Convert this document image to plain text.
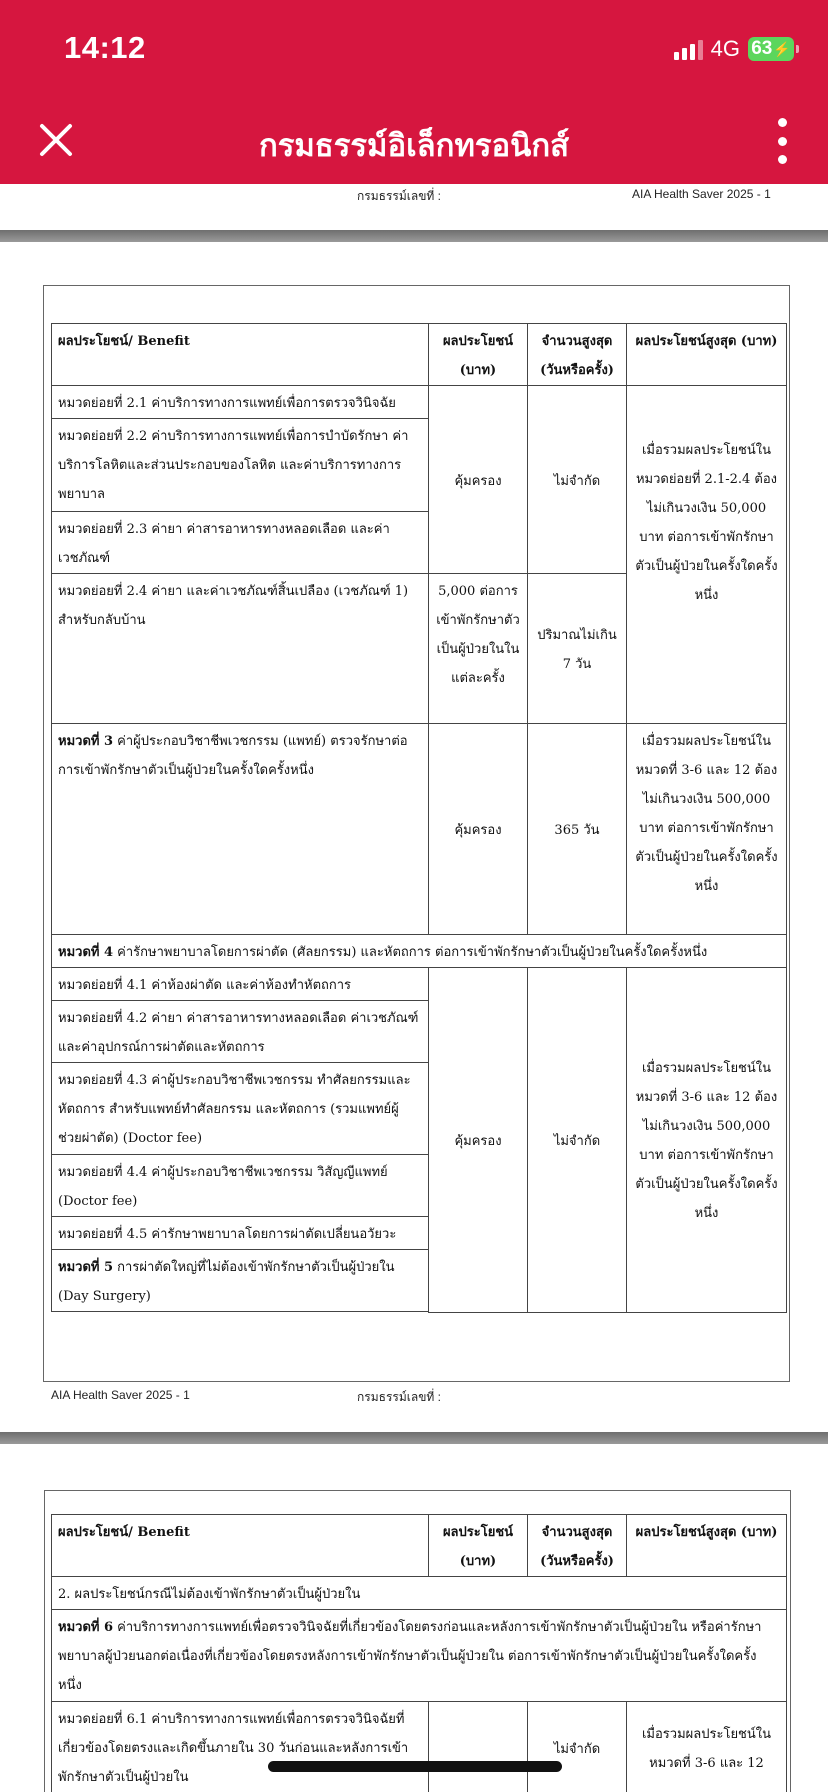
14:12	4G 63 ⚡
กรมธรรม์อิเล็กทรอนิกส์
กรมธรรม์เลขที่ :	AIA Health Saver 2025 - 1
ผลประโยชน์/ Benefit	ผลประโยชน์ (บาท)	จำนวนสูงสุด (วันหรือครั้ง)	ผลประโยชน์สูงสุด (บาท)
หมวดย่อยที่ 2.1 ค่าบริการทางการแพทย์เพื่อการตรวจวินิจฉัย	คุ้มครอง	ไม่จำกัด	เมื่อรวมผลประโยชน์ในหมวดย่อยที่ 2.1-2.4 ต้องไม่เกินวงเงิน 50,000 บาท ต่อการเข้าพักรักษาตัวเป็นผู้ป่วยในครั้งใดครั้งหนึ่ง
หมวดย่อยที่ 2.2 ค่าบริการทางการแพทย์เพื่อการบำบัดรักษา ค่าบริการโลหิตและส่วนประกอบของโลหิต และค่าบริการทางการพยาบาล			
หมวดย่อยที่ 2.3 ค่ายา ค่าสารอาหารทางหลอดเลือด และค่าเวชภัณฑ์			
หมวดย่อยที่ 2.4 ค่ายา และค่าเวชภัณฑ์สิ้นเปลือง (เวชภัณฑ์ 1) สำหรับกลับบ้าน	5,000 ต่อการเข้าพักรักษาตัวเป็นผู้ป่วยในในแต่ละครั้ง	ปริมาณไม่เกิน 7 วัน	
หมวดที่ 3 ค่าผู้ประกอบวิชาชีพเวชกรรม (แพทย์) ตรวจรักษาต่อการเข้าพักรักษาตัวเป็นผู้ป่วยในครั้งใดครั้งหนึ่ง	คุ้มครอง	365 วัน	เมื่อรวมผลประโยชน์ในหมวดที่ 3-6 และ 12 ต้องไม่เกินวงเงิน 500,000 บาท ต่อการเข้าพักรักษาตัวเป็นผู้ป่วยในครั้งใดครั้งหนึ่ง
หมวดที่ 4 ค่ารักษาพยาบาลโดยการผ่าตัด (ศัลยกรรม) และหัตถการ ต่อการเข้าพักรักษาตัวเป็นผู้ป่วยในครั้งใดครั้งหนึ่ง			
หมวดย่อยที่ 4.1 ค่าห้องผ่าตัด และค่าห้องทำหัตถการ	คุ้มครอง	ไม่จำกัด	เมื่อรวมผลประโยชน์ในหมวดที่ 3-6 และ 12 ต้องไม่เกินวงเงิน 500,000 บาท ต่อการเข้าพักรักษาตัวเป็นผู้ป่วยในครั้งใดครั้งหนึ่ง
หมวดย่อยที่ 4.2 ค่ายา ค่าสารอาหารทางหลอดเลือด ค่าเวชภัณฑ์ และค่าอุปกรณ์การผ่าตัดและหัตถการ			
หมวดย่อยที่ 4.3 ค่าผู้ประกอบวิชาชีพเวชกรรม ทำศัลยกรรมและหัตถการ สำหรับแพทย์ทำศัลยกรรม และหัตถการ (รวมแพทย์ผู้ช่วยผ่าตัด) (Doctor fee)			
หมวดย่อยที่ 4.4 ค่าผู้ประกอบวิชาชีพเวชกรรม วิสัญญีแพทย์ (Doctor fee)			
หมวดย่อยที่ 4.5 ค่ารักษาพยาบาลโดยการผ่าตัดเปลี่ยนอวัยวะ			
หมวดที่ 5 การผ่าตัดใหญ่ที่ไม่ต้องเข้าพักรักษาตัวเป็นผู้ป่วยใน (Day Surgery)			

AIA Health Saver 2025 - 1	กรมธรรม์เลขที่ :
ผลประโยชน์/ Benefit	ผลประโยชน์ (บาท)	จำนวนสูงสุด (วันหรือครั้ง)	ผลประโยชน์สูงสุด (บาท)
2. ผลประโยชน์กรณีไม่ต้องเข้าพักรักษาตัวเป็นผู้ป่วยใน			
หมวดที่ 6 ค่าบริการทางการแพทย์เพื่อตรวจวินิจฉัยที่เกี่ยวข้องโดยตรงก่อนและหลังการเข้าพักรักษาตัวเป็นผู้ป่วยใน หรือค่ารักษาพยาบาลผู้ป่วยนอกต่อเนื่องที่เกี่ยวข้องโดยตรงหลังการเข้าพักรักษาตัวเป็นผู้ป่วยใน ต่อการเข้าพักรักษาตัวเป็นผู้ป่วยในครั้งใดครั้งหนึ่ง			
หมวดย่อยที่ 6.1 ค่าบริการทางการแพทย์เพื่อการตรวจวินิจฉัยที่เกี่ยวข้องโดยตรงและเกิดขึ้นภายใน 30 วันก่อนและหลังการเข้าพักรักษาตัวเป็นผู้ป่วยใน		ไม่จำกัด	เมื่อรวมผลประโยชน์ในหมวดที่ 3-6 และ 12
